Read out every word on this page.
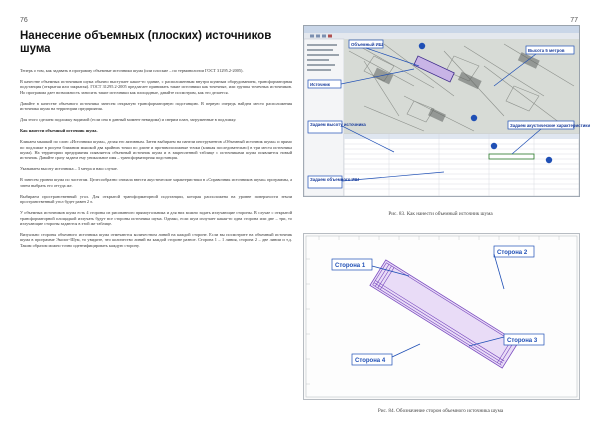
76	77
Нанесение объемных (плоских) источников шума

Теперь о том, как задавать в программу объемные источники шума (или плоские – по терминологии ГОСТ 31295.2-2005).

В качестве объемных источников шума обычно выступает какое-то здание, с расположенным внутри шумным оборудованием, трансформаторная подстанция (открытая или закрытая). ГОСТ 31295.2-2005 предлагает принимать такие источники как точечные, или группы точечных источников. Но программа дает возможность заносить такие источники как площадные, давайте посмотрим, как это делается.

Давайте в качестве объемного источника занесем открытую трансформаторную подстанцию. В первую очередь найдем место расположения источника шума на территории предприятия.

Для этого сделаем подложку видимой (если она в данный момент невидима) и сверим план, загруженные в подложку.

Как нанести объемный источник шума.

Кликаем мышкой по слою «Источники шума», делая его активным. Затем выбираем на панели инструментов «Объемный источник шума» и прямо по подложке в рисуем ближним мышкой два крайних точки по длине и противоположные точки (кликая последовательно) в три места источника шума). На территории предприятия появляется объемный источник шума и в закрепленной таблице с источниками шума появляется новый источник. Давайте сразу задаем ему уникальное имя – трансформаторная подстанция.

Указываем высоту источника – 3 метра и наш случае.

В занесем уровни шума по частотам. Целесообразно сначала ввести акустические характеристики в «Справочник источников шума» программы, а затем выбрать его оттуда же.

Выбираем пространственный угол. Для открытой трансформаторной подстанции, которая расположена на уровне поверхности земли пространственный угол будет равен 2 π.

У объемных источников шума есть 4 стороны из рисованного прямоугольника и для них можно задать излучающие стороны. В случае с открытой трансформаторной площадкой излучать будут все стороны источника шума. Однако, если шум излучает какая-то одна сторона или две – три, то излучающие стороны задаются в этой же таблице.

Визуально стороны объемного источника шума отмечаются количеством линий на каждой стороне. Если вы посмотрите на объемный источник шума в программе Эколог-Шум, то увидите, что количество линий на каждой стороне разное. Сторона 1 – 1 линия, сторона 2 – две линии и т.д. Таким образом можно точно идентифицировать каждую сторону.

Объемный ИШ
Источник
Высота 5 метров
Задаем высоту источника	Задаем акустические характеристики
Задаем объемного ИШ
Рис. 83. Как нанести объемный источник шума
Сторона 1
Сторона 2
Сторона 3
Сторона 4
Рис. 84. Обозначение сторон объемного источника шума
